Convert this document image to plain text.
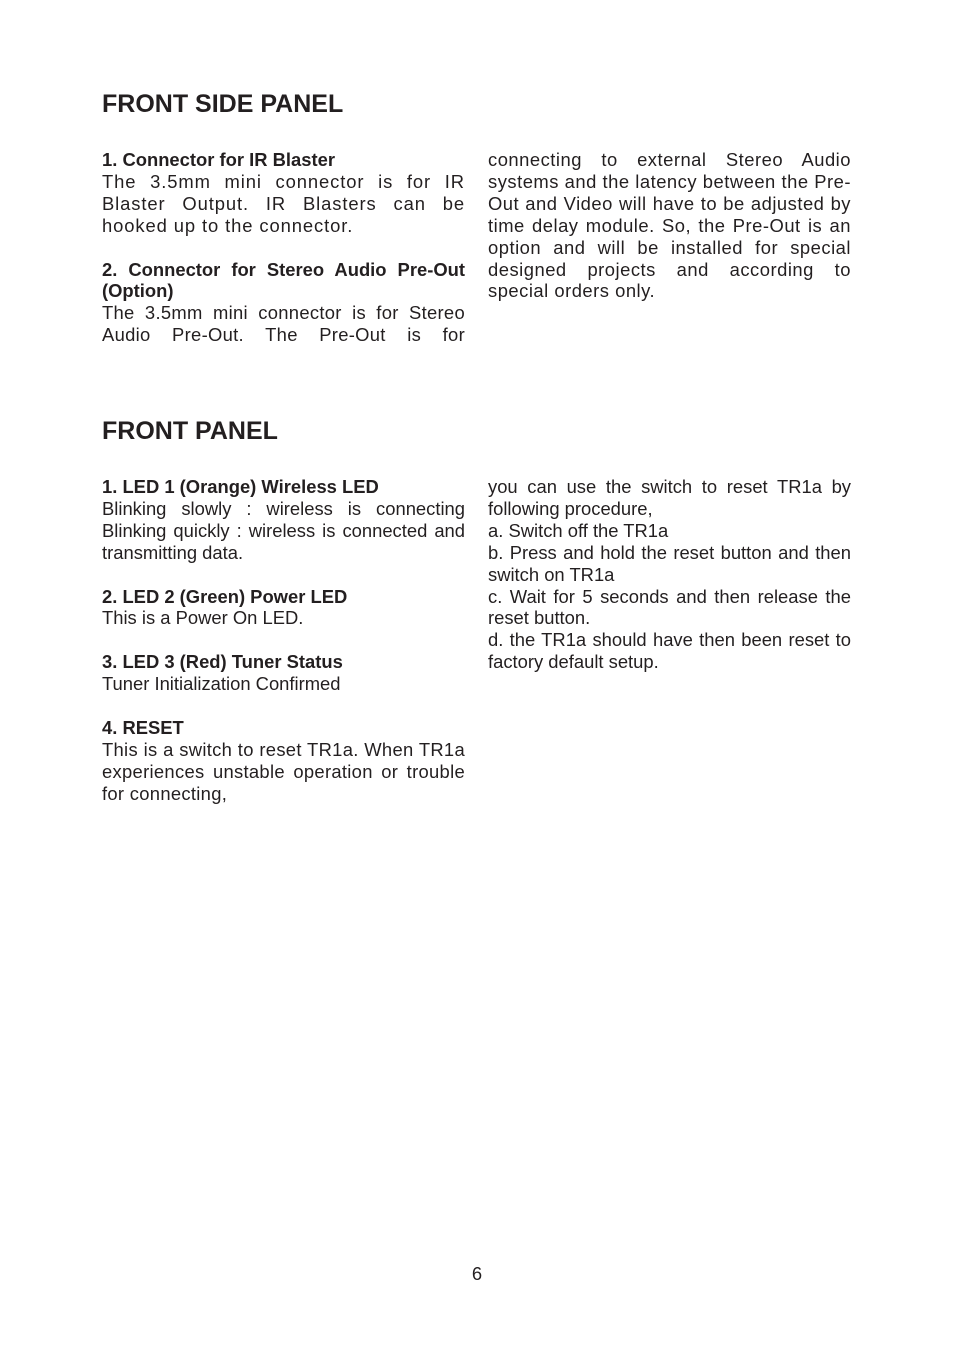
FRONT SIDE PANEL
1. Connector for IR Blaster
The 3.5mm mini connector is for IR Blaster Output. IR Blasters can be hooked up to the connector.
2. Connector for Stereo Audio Pre-Out (Option)
The 3.5mm mini connector is for Stereo Audio Pre-Out. The Pre-Out is for
connecting to external Stereo Audio systems and the latency between the Pre-Out and Video will have to be adjusted by time delay module. So, the Pre-Out is an option and will be installed for special designed projects and according to special orders only.
FRONT PANEL
1. LED 1 (Orange) Wireless LED
Blinking slowly : wireless is connecting
Blinking quickly : wireless is connected and transmitting data.
2. LED 2 (Green) Power LED
This is a Power On LED.
3. LED 3 (Red) Tuner Status
Tuner Initialization Confirmed
4. RESET
This is a switch to reset TR1a. When TR1a experiences unstable operation or trouble for connecting,
you can use the switch to reset TR1a by following procedure,
a. Switch off the TR1a
b. Press and hold the reset button and then switch on TR1a
c. Wait for 5 seconds and then release the reset button.
d. the TR1a should have then been reset to factory default setup.
6
